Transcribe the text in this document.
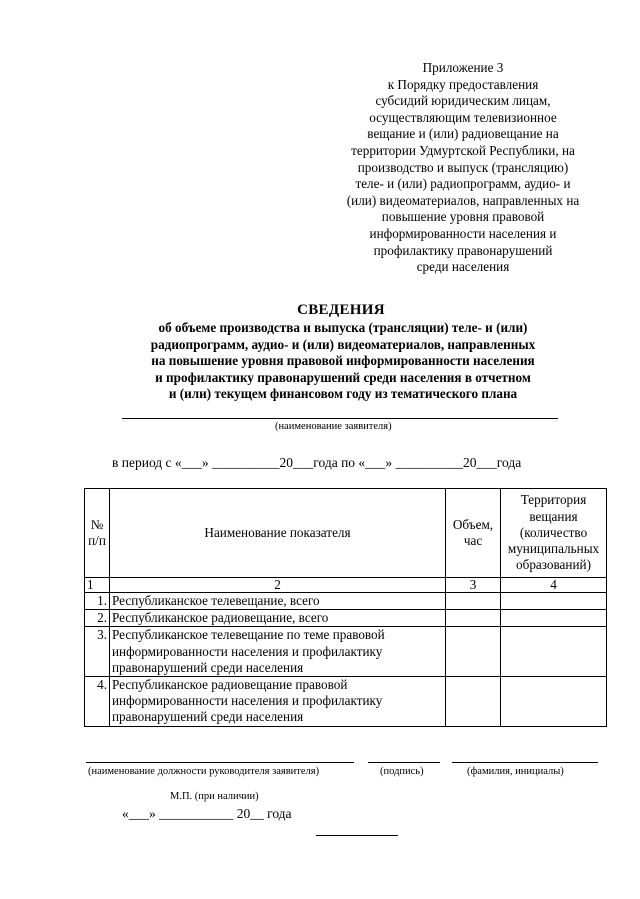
Приложение 3
к Порядку предоставления
субсидий юридическим лицам,
осуществляющим телевизионное
вещание и (или) радиовещание на
территории Удмуртской Республики, на
производство и выпуск (трансляцию)
теле- и (или) радиопрограмм, аудио- и
(или) видеоматериалов, направленных на
повышение уровня правовой
информированности населения и
профилактику правонарушений
среди населения
СВЕДЕНИЯ
об объеме производства и выпуска (трансляции) теле- и (или)
радиопрограмм, аудио- и (или) видеоматериалов, направленных
на повышение уровня правовой информированности населения
и профилактику правонарушений среди населения в отчетном
и (или) текущем финансовом году из тематического плана
(наименование заявителя)
в период с «___» __________20___года по «___» __________20___года
№ п/п	Наименование показателя	Объем, час	Территория вещания (количество муниципальных образований)
1	2	3	4
1.	Республиканское телевещание, всего		
2.	Республиканское радиовещание, всего		
3.	Республиканское телевещание по теме правовой информированности населения и профилактику правонарушений среди населения		
4.	Республиканское радиовещание правовой информированности населения и профилактику правонарушений среди населения		
(наименование должности руководителя заявителя)	(подпись)	(фамилия, инициалы)
М.П. (при наличии)
«___» ___________ 20__ года
